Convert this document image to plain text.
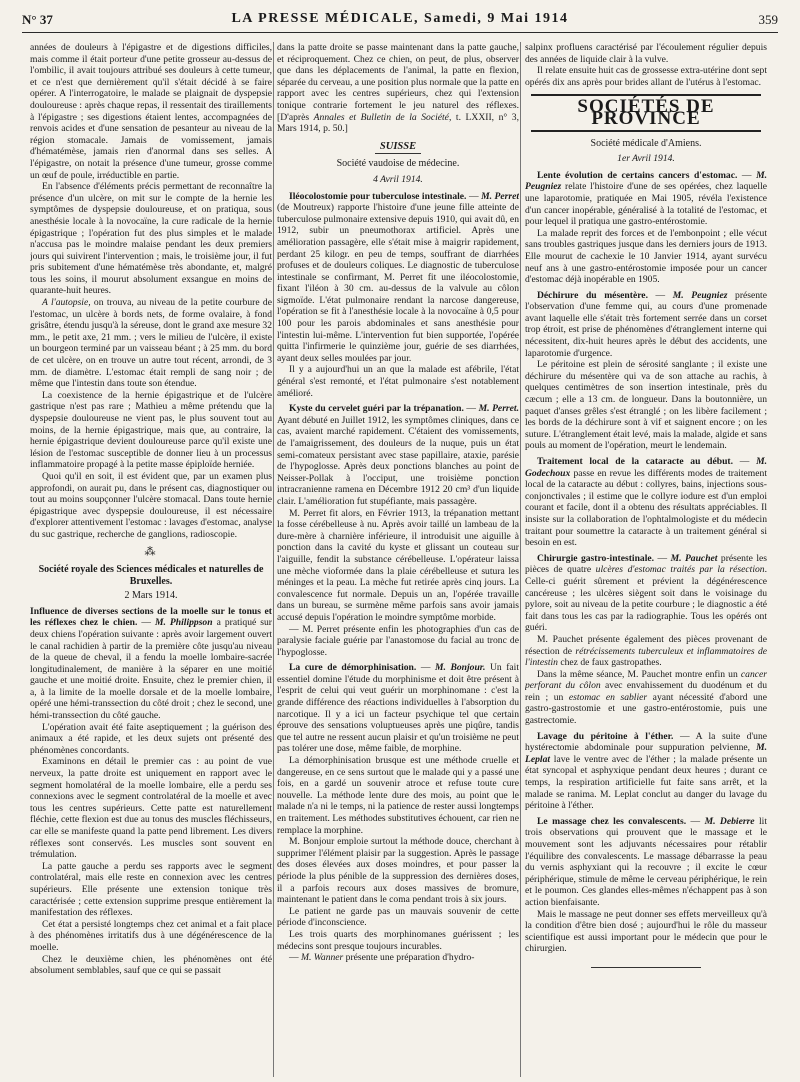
N° 37	LA PRESSE MÉDICALE, Samedi, 9 Mai 1914	359

années de douleurs à l'épigastre et de digestions difficiles, mais comme il était porteur d'une petite grosseur au-dessus de l'ombilic, il avait toujours attribué ses douleurs à cette tumeur, et ce n'est que dernièrement qu'il s'était décidé à se faire opérer. A l'interrogatoire, le malade se plaignait de dyspepsie douloureuse : après chaque repas, il ressentait des tiraillements à l'épigastre ; ses digestions étaient lentes, accompagnées de renvois acides et d'une sensation de pesanteur au niveau de la région stomacale. Jamais de vomissement, jamais d'hématémèse, jamais rien d'anormal dans ses selles. A l'épigastre, on notait la présence d'une tumeur, grosse comme un œuf de poule, irréductible en partie.

En l'absence d'éléments précis permettant de reconnaître la présence d'un ulcère, on mit sur le compte de la hernie les symptômes de dyspepsie douloureuse, et on pratiqua, sous anesthésie locale à la novocaïne, la cure radicale de la hernie épigastrique ; l'opération fut des plus simples et le malade n'accusa pas le moindre malaise pendant les deux premiers jours qui suivirent l'intervention ; mais, le troisième jour, il fut pris subitement d'une hématémèse très abondante, et, malgré tous les soins, il mourut absolument exsangue en moins de quarante-huit heures.

A l'autopsie, on trouva, au niveau de la petite courbure de l'estomac, un ulcère à bords nets, de forme ovalaire, à fond grisâtre, étendu jusqu'à la séreuse, dont le grand axe mesure 32 mm., le petit axe, 21 mm. ; vers le milieu de l'ulcère, il existe un bourgeon terminé par un vaisseau béant ; à 25 mm. du bord de cet ulcère, on en trouve un autre tout récent, arrondi, de 3 mm. de diamètre. L'estomac était rempli de sang noir ; de même que l'intestin dans toute son étendue.

La coexistence de la hernie épigastrique et de l'ulcère gastrique n'est pas rare ; Mathieu a même prétendu que la dyspepsie douloureuse ne vient pas, le plus souvent tout au moins, de la hernie épigastrique, mais que, au contraire, la hernie épigastrique devient douloureuse parce qu'il existe une lésion de l'estomac susceptible de donner lieu à un processus inflammatoire propagé à la petite masse épiploïde herniée.

Quoi qu'il en soit, il est évident que, par un examen plus approfondi, on aurait pu, dans le présent cas, diagnostiquer ou tout au moins soupçonner l'ulcère stomacal. Dans toute hernie épigastrique avec dyspepsie douloureuse, il est nécessaire d'explorer attentivement l'estomac : lavages d'estomac, analyse du suc gastrique, recherche de ganglions, radioscopie.

⁂
Société royale des Sciences médicales et naturelles de Bruxelles.
2 Mars 1914.

Influence de diverses sections de la moelle sur le tonus et les réflexes chez le chien. — M. Philippson a pratiqué sur deux chiens l'opération suivante : après avoir largement ouvert le canal rachidien à partir de la première côte jusqu'au niveau de la queue de cheval, il a fendu la moelle lombaire-sacrée longitudinalement, de manière à la séparer en une moitié gauche et une moitié droite. Ensuite, chez le premier chien, il a, à la limite de la moelle dorsale et de la moelle lombaire, opéré une hémi-transsection du côté droit ; chez le second, une hémi-transsection du côté gauche.

L'opération avait été faite aseptiquement ; la guérison des animaux a été rapide, et les deux sujets ont présenté des phénomènes concordants.

Examinons en détail le premier cas : au point de vue nerveux, la patte droite est uniquement en rapport avec le segment homolatéral de la moelle lombaire, elle a perdu ses connexions avec le segment controlatéral de la moelle et avec tous les centres supérieurs. Cette patte est naturellement fléchie, cette flexion est due au tonus des muscles fléchisseurs, car elle se manifeste quand la patte pend librement. Les divers réflexes sont conservés. Les muscles sont souvent en trémulation.

La patte gauche a perdu ses rapports avec le segment controlatéral, mais elle reste en connexion avec les centres supérieurs. Elle présente une extension tonique très caractérisée ; cette extension supprime presque entièrement la manifestation des réflexes.

Cet état a persisté longtemps chez cet animal et a fait place à des phénomènes irritatifs dus à une dégénérescence de la moelle.

Chez le deuxième chien, les phénomènes ont été absolument semblables, sauf que ce qui se passait

dans la patte droite se passe maintenant dans la patte gauche, et réciproquement. Chez ce chien, on peut, de plus, observer que dans les déplacements de l'animal, la patte en flexion, séparée du cerveau, a une position plus normale que la patte en rapport avec les centres supérieurs, chez qui l'extension tonique contrarie fortement le jeu naturel des réflexes. [D'après Annales et Bulletin de la Société, t. LXXII, n° 3, Mars 1914, p. 50.]

SUISSE
Société vaudoise de médecine.
4 Avril 1914.

Iléocolostomie pour tuberculose intestinale. — M. Perret (de Moutreux) rapporte l'histoire d'une jeune fille atteinte de tuberculose pulmonaire extensive depuis 1910, qui avait dû, en 1912, subir un pneumothorax artificiel. Après une amélioration passagère, elle s'était mise à maigrir rapidement, perdant 25 kilogr. en peu de temps, souffrant de diarrhées profuses et de douleurs coliques. Le diagnostic de tuberculose intestinale se confirmant, M. Perret fit une iléocolostomie, fixant l'iléon à 30 cm. au-dessus de la valvule au côlon sigmoïde. L'état pulmonaire rendant la narcose dangereuse, l'opération se fit à l'anesthésie locale à la novocaïne à 0,5 pour 100 pour les parois abdominales et sans anesthésie pour l'intestin lui-même. L'intervention fut bien supportée, l'opérée quitta l'infirmerie le quinzième jour, guérie de ses diarrhées, ayant deux selles moulées par jour.

Il y a aujourd'hui un an que la malade est afébrile, l'état général s'est remonté, et l'état pulmonaire s'est notablement amélioré.

Kyste du cervelet guéri par la trépanation. — M. Perret. Ayant débuté en Juillet 1912, les symptômes cliniques, dans ce cas, avaient marché rapidement. C'étaient des vomissements, de l'amaigrissement, des douleurs de la nuque, puis un état semi-comateux persistant avec stase papillaire, ataxie, parésie de l'hypoglosse. Après deux ponctions blanches au point de Neisser-Pollak à l'occiput, une troisième ponction intracranienne ramena en Décembre 1912 20 cm³ d'un liquide clair. L'amélioration fut stupéfiante, mais passagère.

M. Perret fit alors, en Février 1913, la trépanation mettant la fosse cérébelleuse à nu. Après avoir taillé un lambeau de la dure-mère à charnière inférieure, il introduisit une aiguille à ponction dans la cavité du kyste et glissant un couteau sur l'aiguille, fendit la substance cérébelleuse. L'opérateur laissa une mèche vioformée dans la plaie cérébelleuse et sutura les méninges et la peau. La mèche fut retirée après cinq jours. La convalescence fut normale. Depuis un an, l'opérée travaille dans un bureau, se surmène même parfois sans avoir jamais accusé depuis l'opération le moindre symptôme morbide.

— M. Perret présente enfin les photographies d'un cas de paralysie faciale guérie par l'anastomose du facial au tronc de l'hypoglosse.

La cure de démorphinisation. — M. Bonjour. Un fait essentiel domine l'étude du morphinisme et doit être présent à l'esprit de celui qui veut guérir un morphinomane : c'est la grande différence des réactions individuelles à l'absorption du narcotique. Il y a ici un facteur psychique tel que certain éprouve des sensations voluptueuses après une piqûre, tandis que tel autre ne ressent aucun plaisir et qu'un troisième ne peut pas tolérer une dose, même faible, de morphine.

La démorphinisation brusque est une méthode cruelle et dangereuse, en ce sens surtout que le malade qui y a passé une fois, en a gardé un souvenir atroce et refuse toute cure nouvelle. La méthode lente dure des mois, au point que le malade n'a ni le temps, ni la patience de rester aussi longtemps en traitement. Les méthodes substitutives échouent, car rien ne remplace la morphine.

M. Bonjour emploie surtout la méthode douce, cherchant à supprimer l'élément plaisir par la suggestion. Après le passage des doses élevées aux doses moindres, et pour passer la période la plus pénible de la suppression des dernières doses, il a parfois recours aux doses massives de bromure, maintenant le patient dans le coma pendant trois à six jours.

Le patient ne garde pas un mauvais souvenir de cette période d'inconscience.

Les trois quarts des morphinomanes guérissent ; les médecins sont presque toujours incurables.

— M. Wanner présente une préparation d'hydro-

salpinx profluens caractérisé par l'écoulement régulier depuis des années de liquide clair à la vulve.

Il relate ensuite huit cas de grossesse extra-utérine dont sept opérés dix ans après pour brides allant de l'utérus à l'estomac.

SOCIÉTÉS DE PROVINCE
Société médicale d'Amiens.
1er Avril 1914.

Lente évolution de certains cancers d'estomac. — M. Peugniez relate l'histoire d'une de ses opérées, chez laquelle une laparotomie, pratiquée en Mai 1905, révéla l'existence d'un cancer inopérable, généralisé à la totalité de l'estomac, et pour lequel il pratiqua une gastro-entérostomie.

La malade reprit des forces et de l'embonpoint ; elle vécut sans troubles gastriques jusque dans les derniers jours de 1913. Elle mourut de cachexie le 10 Janvier 1914, ayant survécu neuf ans à une gastro-entérostomie imposée pour un cancer d'estomac déjà inopérable en 1905.

Déchirure du mésentère. — M. Peugniez présente l'observation d'une femme qui, au cours d'une promenade avant laquelle elle s'était très fortement serrée dans un corset trop étroit, est prise de phénomènes d'étranglement interne qui nécessitent, dix-huit heures après le début des accidents, une laparotomie d'urgence.

Le péritoine est plein de sérosité sanglante ; il existe une déchirure du mésentère qui va de son attache au rachis, à quelques centimètres de son insertion intestinale, près du cæcum ; elle a 13 cm. de longueur. Dans la boutonnière, un paquet d'anses grêles s'est étranglé ; on les libère facilement ; les bords de la déchirure sont à vif et saignent encore ; on les suture. L'étranglement était levé, mais la malade, algide et sans pouls au moment de l'opération, meurt le lendemain.

Traitement local de la cataracte au début. — M. Godechoux passe en revue les différents modes de traitement local de la cataracte au début : collyres, bains, injections sous-conjonctivales ; il estime que le collyre iodure est d'un emploi courant et facile, dont il a obtenu des résultats appréciables. Il insiste sur la collaboration de l'ophtalmologiste et du médecin traitant pour soumettre la cataracte à un traitement général si besoin en est.

Chirurgie gastro-intestinale. — M. Pauchet présente les pièces de quatre ulcères d'estomac traités par la résection. Celle-ci guérit sûrement et prévient la dégénérescence cancéreuse ; les ulcères siègent soit dans le voisinage du pylore, soit au niveau de la petite courbure ; le diagnostic a été fait dans tous les cas par la radiographie. Tous les opérés ont guéri.

M. Pauchet présente également des pièces provenant de résection de rétrécissements tuberculeux et inflammatoires de l'intestin chez de faux gastropathes.

Dans la même séance, M. Pauchet montre enfin un cancer perforant du côlon avec envahissement du duodénum et du rein ; un estomac en sablier ayant nécessité d'abord une gastro-gastrostomie et une gastro-entérostomie, puis une gastrectomie.

Lavage du péritoine à l'éther. — A la suite d'une hystérectomie abdominale pour suppuration pelvienne, M. Leplat lave le ventre avec de l'éther ; la malade présente un état syncopal et asphyxique pendant deux heures ; durant ce temps, la respiration artificielle fut faite sans arrêt, et la malade se ranima. M. Leplat conclut au danger du lavage du péritoine à l'éther.

Le massage chez les convalescents. — M. Debierre lit trois observations qui prouvent que le massage et le mouvement sont les adjuvants nécessaires pour rétablir l'équilibre des convalescents. Le massage débarrasse la peau du vernis asphyxiant qui la recouvre ; il excite le cœur périphérique, stimule de même le cerveau périphérique, le rein et le poumon. Ces glandes elles-mêmes n'échappent pas à son action bienfaisante.

Mais le massage ne peut donner ses effets merveilleux qu'à la condition d'être bien dosé ; aujourd'hui le rôle du masseur scientifique est aussi important pour le médecin que pour le chirurgien.
